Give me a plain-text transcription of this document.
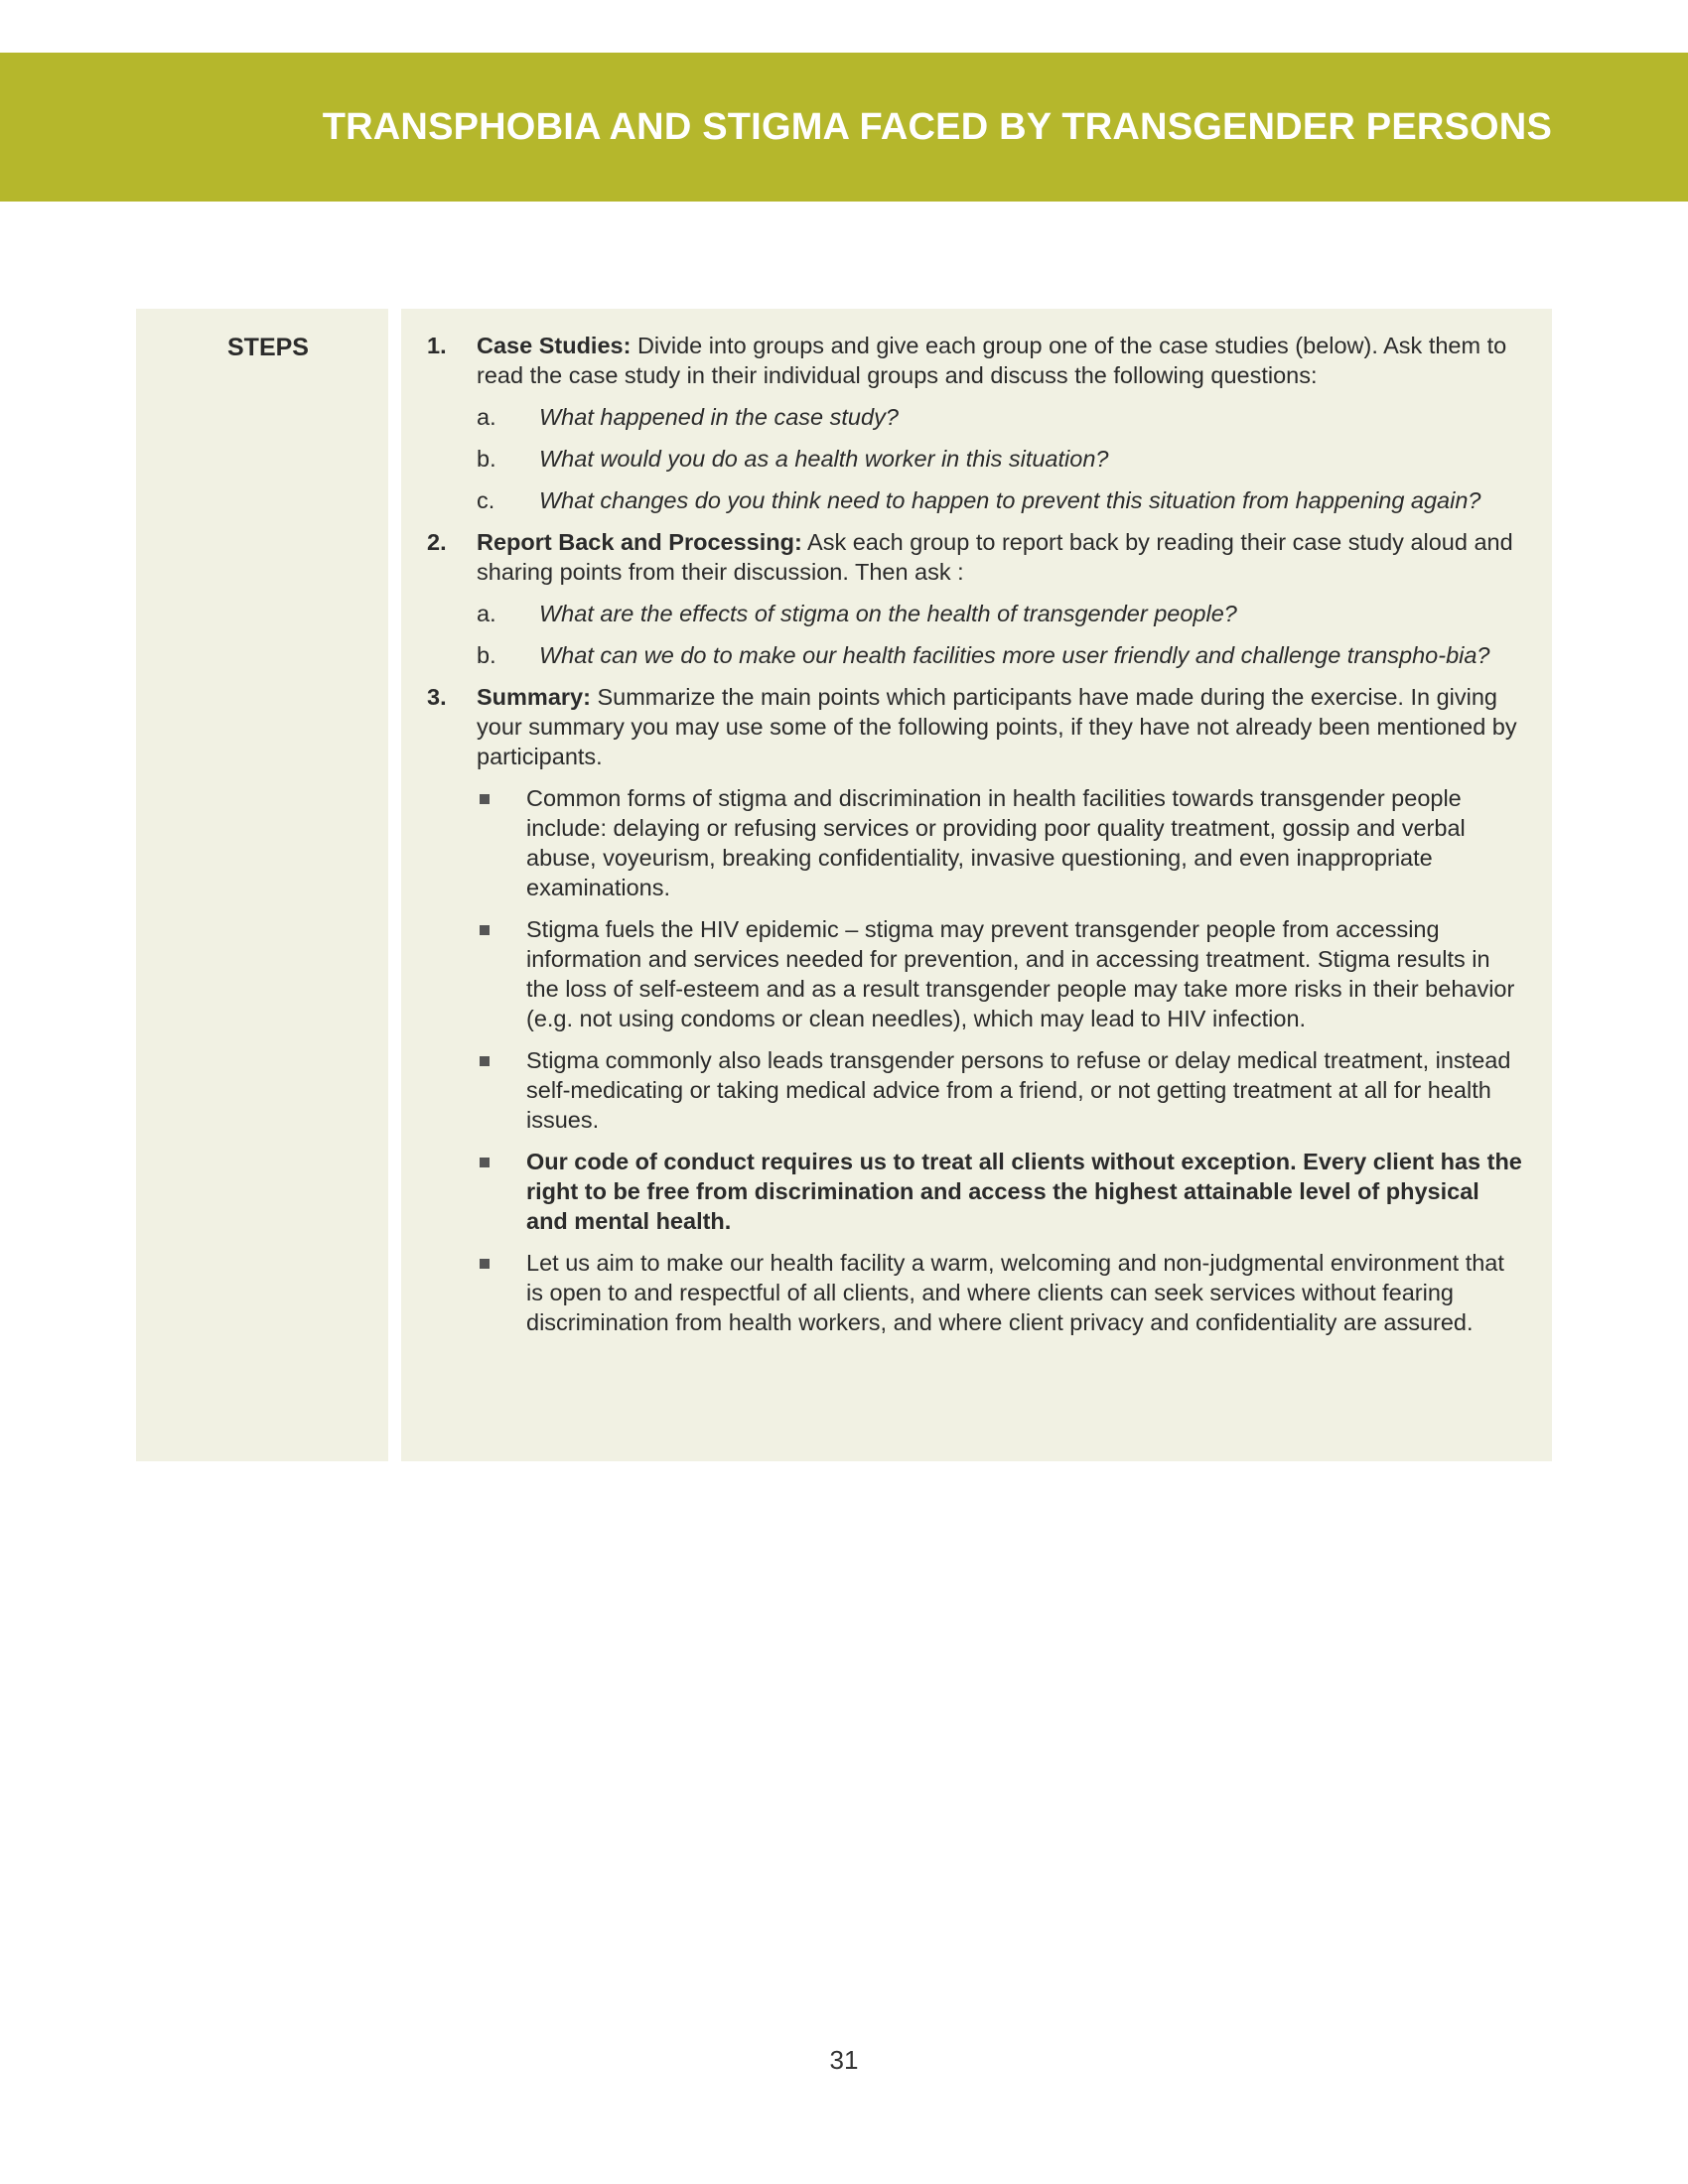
TRANSPHOBIA AND STIGMA FACED BY TRANSGENDER PERSONS
STEPS	1. Case Studies: Divide into groups and give each group one of the case studies (below). Ask them to read the case study in their individual groups and discuss the following questions:
a. What happened in the case study?
b. What would you do as a health worker in this situation?
c. What changes do you think need to happen to prevent this situation from happening again?
2. Report Back and Processing: Ask each group to report back by reading their case study aloud and sharing points from their discussion. Then ask :
a. What are the effects of stigma on the health of transgender people?
b. What can we do to make our health facilities more user friendly and challenge transpho-bia?
3. Summary: Summarize the main points which participants have made during the exercise. In giving your summary you may use some of the following points, if they have not already been mentioned by participants.
Common forms of stigma and discrimination in health facilities towards transgender people include: delaying or refusing services or providing poor quality treatment, gossip and verbal abuse, voyeurism, breaking confidentiality, invasive questioning, and even inappropriate examinations.
Stigma fuels the HIV epidemic – stigma may prevent transgender people from accessing information and services needed for prevention, and in accessing treatment. Stigma results in the loss of self-esteem and as a result transgender people may take more risks in their behavior (e.g. not using condoms or clean needles), which may lead to HIV infection.
Stigma commonly also leads transgender persons to refuse or delay medical treatment, instead self-medicating or taking medical advice from a friend, or not getting treatment at all for health issues.
Our code of conduct requires us to treat all clients without exception. Every client has the right to be free from discrimination and access the highest attainable level of physical and mental health.
Let us aim to make our health facility a warm, welcoming and non-judgmental environment that is open to and respectful of all clients, and where clients can seek services without fearing discrimination from health workers, and where client privacy and confidentiality are assured.

31
